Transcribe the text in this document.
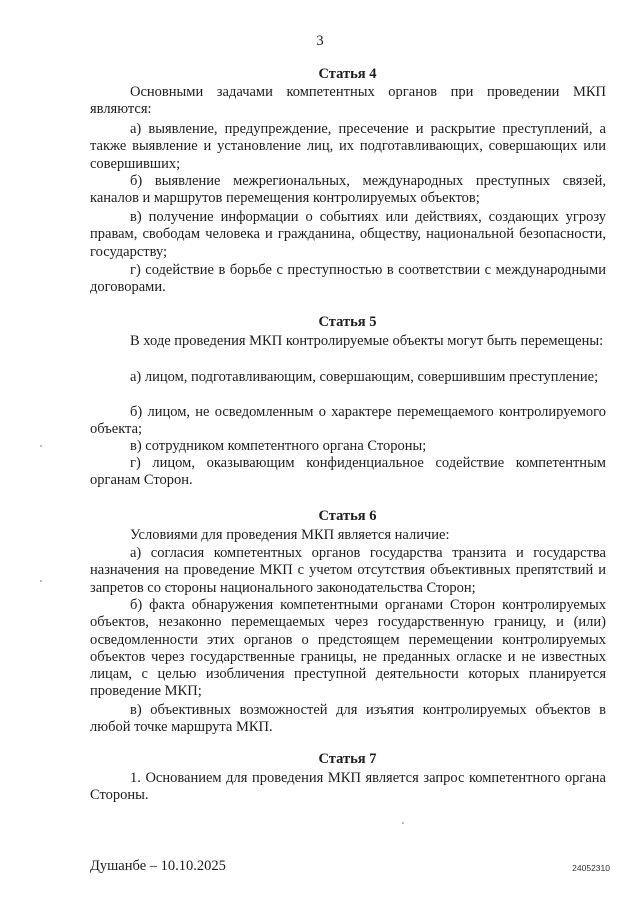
3
Статья 4
Основными задачами компетентных органов при проведении МКП являются:
а) выявление, предупреждение, пресечение и раскрытие преступлений, а также выявление и установление лиц, их подготавливающих, совершающих или совершивших;
б) выявление межрегиональных, международных преступных связей, каналов и маршрутов перемещения контролируемых объектов;
в) получение информации о событиях или действиях, создающих угрозу правам, свободам человека и гражданина, обществу, национальной безопасности, государству;
г) содействие в борьбе с преступностью в соответствии с международными договорами.
Статья 5
В ходе проведения МКП контролируемые объекты могут быть перемещены:
а) лицом, подготавливающим, совершающим, совершившим преступление;
б) лицом, не осведомленным о характере перемещаемого контролируемого объекта;
в) сотрудником компетентного органа Стороны;
г) лицом, оказывающим конфиденциальное содействие компетентным органам Сторон.
Статья 6
Условиями для проведения МКП является наличие:
а) согласия компетентных органов государства транзита и государства назначения на проведение МКП с учетом отсутствия объективных препятствий и запретов со стороны национального законодательства Сторон;
б) факта обнаружения компетентными органами Сторон контролируемых объектов, незаконно перемещаемых через государственную границу, и (или) осведомленности этих органов о предстоящем перемещении контролируемых объектов через государственные границы, не преданных огласке и не известных лицам, с целью изобличения преступной деятельности которых планируется проведение МКП;
в) объективных возможностей для изъятия контролируемых объектов в любой точке маршрута МКП.
Статья 7
1. Основанием для проведения МКП является запрос компетентного органа Стороны.
Душанбе – 10.10.2025	24052310
